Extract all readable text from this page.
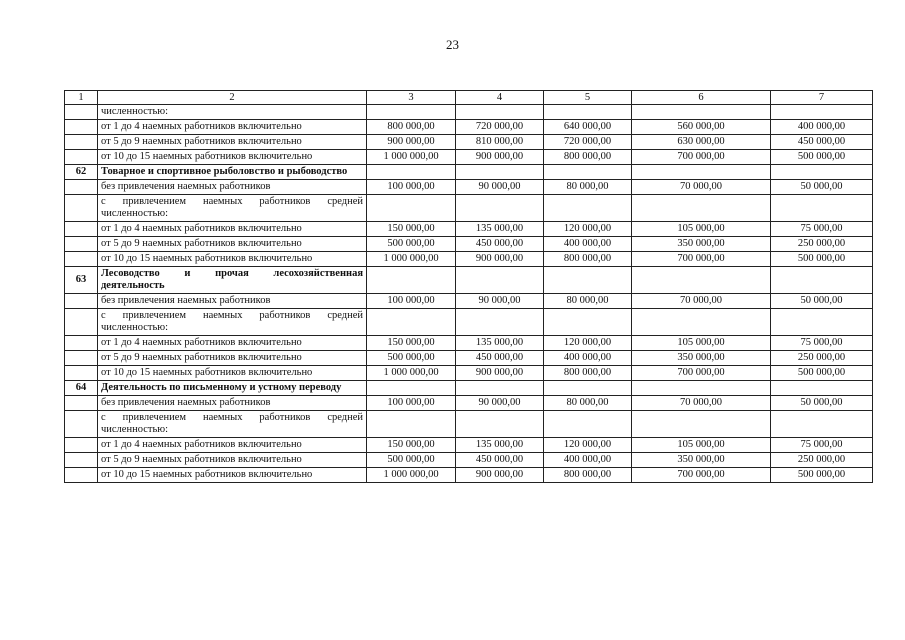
23
1	2	3	4	5	6	7
	численностью:					
	от 1 до 4 наемных работников включительно	800 000,00	720 000,00	640 000,00	560 000,00	400 000,00
	от 5 до 9 наемных работников включительно	900 000,00	810 000,00	720 000,00	630 000,00	450 000,00
	от 10 до 15 наемных работников включительно	1 000 000,00	900 000,00	800 000,00	700 000,00	500 000,00
62	Товарное и спортивное рыболовство и рыбоводство					
	без привлечения наемных работников	100 000,00	90 000,00	80 000,00	70 000,00	50 000,00
	с привлечением наемных работников средней численностью:					
	от 1 до 4 наемных работников включительно	150 000,00	135 000,00	120 000,00	105 000,00	75 000,00
	от 5 до 9 наемных работников включительно	500 000,00	450 000,00	400 000,00	350 000,00	250 000,00
	от 10 до 15 наемных работников включительно	1 000 000,00	900 000,00	800 000,00	700 000,00	500 000,00
63	Лесоводство и прочая лесохозяйственная деятельность					
	без привлечения наемных работников	100 000,00	90 000,00	80 000,00	70 000,00	50 000,00
	с привлечением наемных работников средней численностью:					
	от 1 до 4 наемных работников включительно	150 000,00	135 000,00	120 000,00	105 000,00	75 000,00
	от 5 до 9 наемных работников включительно	500 000,00	450 000,00	400 000,00	350 000,00	250 000,00
	от 10 до 15 наемных работников включительно	1 000 000,00	900 000,00	800 000,00	700 000,00	500 000,00
64	Деятельность по письменному и устному переводу					
	без привлечения наемных работников	100 000,00	90 000,00	80 000,00	70 000,00	50 000,00
	с привлечением наемных работников средней численностью:					
	от 1 до 4 наемных работников включительно	150 000,00	135 000,00	120 000,00	105 000,00	75 000,00
	от 5 до 9 наемных работников включительно	500 000,00	450 000,00	400 000,00	350 000,00	250 000,00
	от 10 до 15 наемных работников включительно	1 000 000,00	900 000,00	800 000,00	700 000,00	500 000,00
